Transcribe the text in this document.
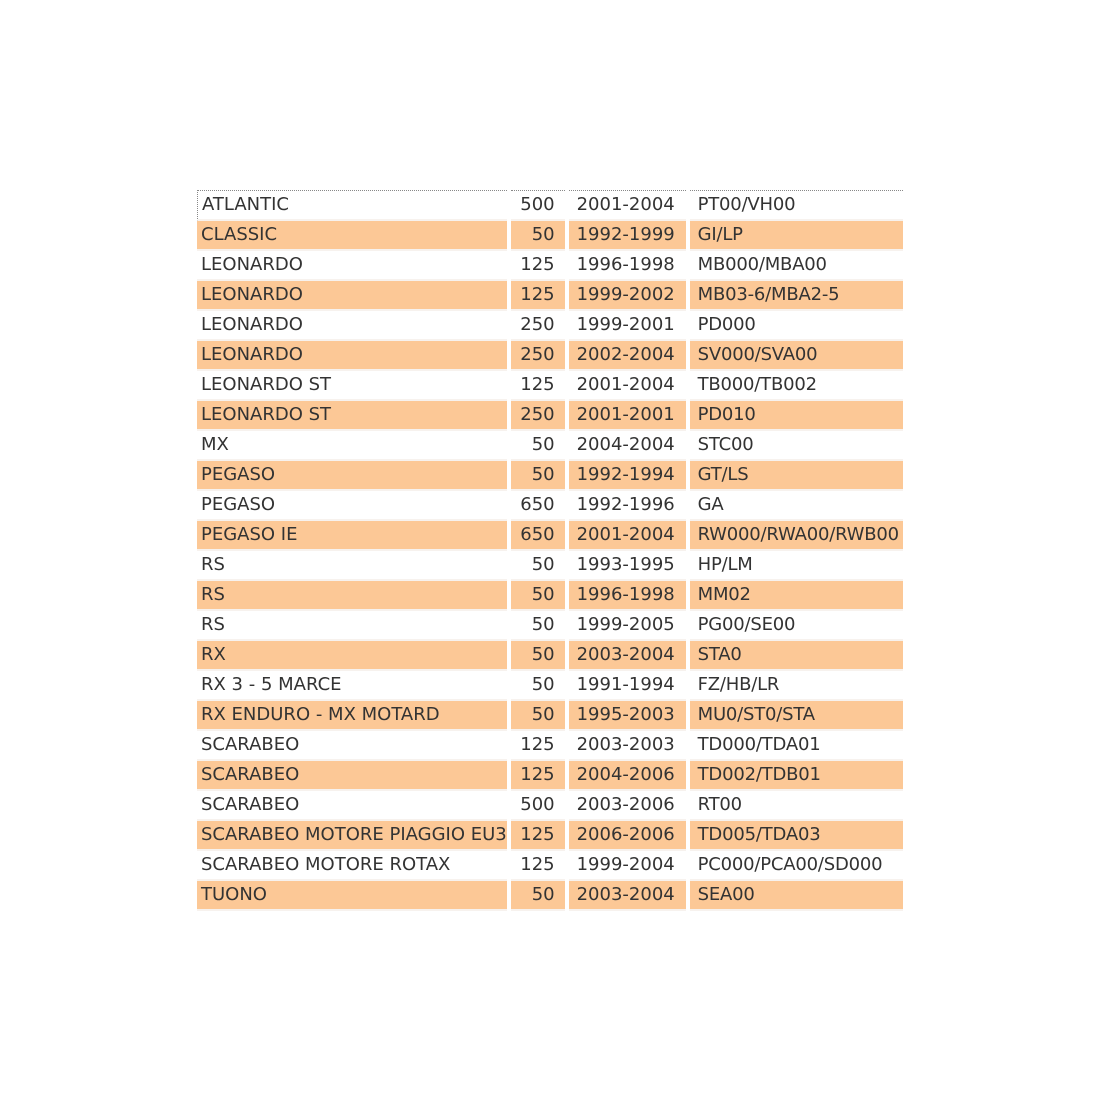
ATLANTIC	500	2001-2004	PT00/VH00
CLASSIC	50	1992-1999	GI/LP
LEONARDO	125	1996-1998	MB000/MBA00
LEONARDO	125	1999-2002	MB03-6/MBA2-5
LEONARDO	250	1999-2001	PD000
LEONARDO	250	2002-2004	SV000/SVA00
LEONARDO ST	125	2001-2004	TB000/TB002
LEONARDO ST	250	2001-2001	PD010
MX	50	2004-2004	STC00
PEGASO	50	1992-1994	GT/LS
PEGASO	650	1992-1996	GA
PEGASO IE	650	2001-2004	RW000/RWA00/RWB00
RS	50	1993-1995	HP/LM
RS	50	1996-1998	MM02
RS	50	1999-2005	PG00/SE00
RX	50	2003-2004	STA0
RX 3 - 5 MARCE	50	1991-1994	FZ/HB/LR
RX ENDURO - MX MOTARD	50	1995-2003	MU0/ST0/STA
SCARABEO	125	2003-2003	TD000/TDA01
SCARABEO	125	2004-2006	TD002/TDB01
SCARABEO	500	2003-2006	RT00
SCARABEO MOTORE PIAGGIO EU3	125	2006-2006	TD005/TDA03
SCARABEO MOTORE ROTAX	125	1999-2004	PC000/PCA00/SD000
TUONO	50	2003-2004	SEA00
